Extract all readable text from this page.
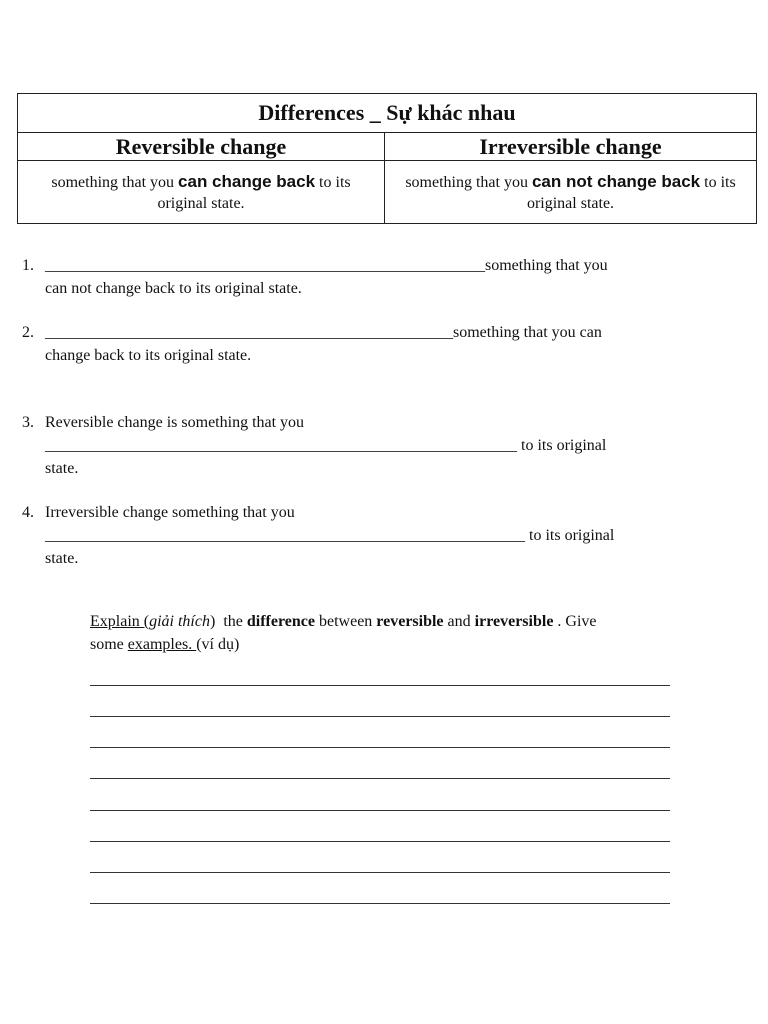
Differences _ Sự khác nhau	
Reversible change	Irreversible change
something that you can change back to its original state.	something that you can not change back to its original state.
1. _______________________________________________________something that you
can not change back to its original state.
2. ___________________________________________________something that you can
change back to its original state.
3. Reversible change is something that you
___________________________________________________________ to its original
state.
4. Irreversible change something that you
____________________________________________________________ to its original
state.
Explain (giải thích)  the difference between reversible and irreversible . Give
some examples. (ví dụ)
